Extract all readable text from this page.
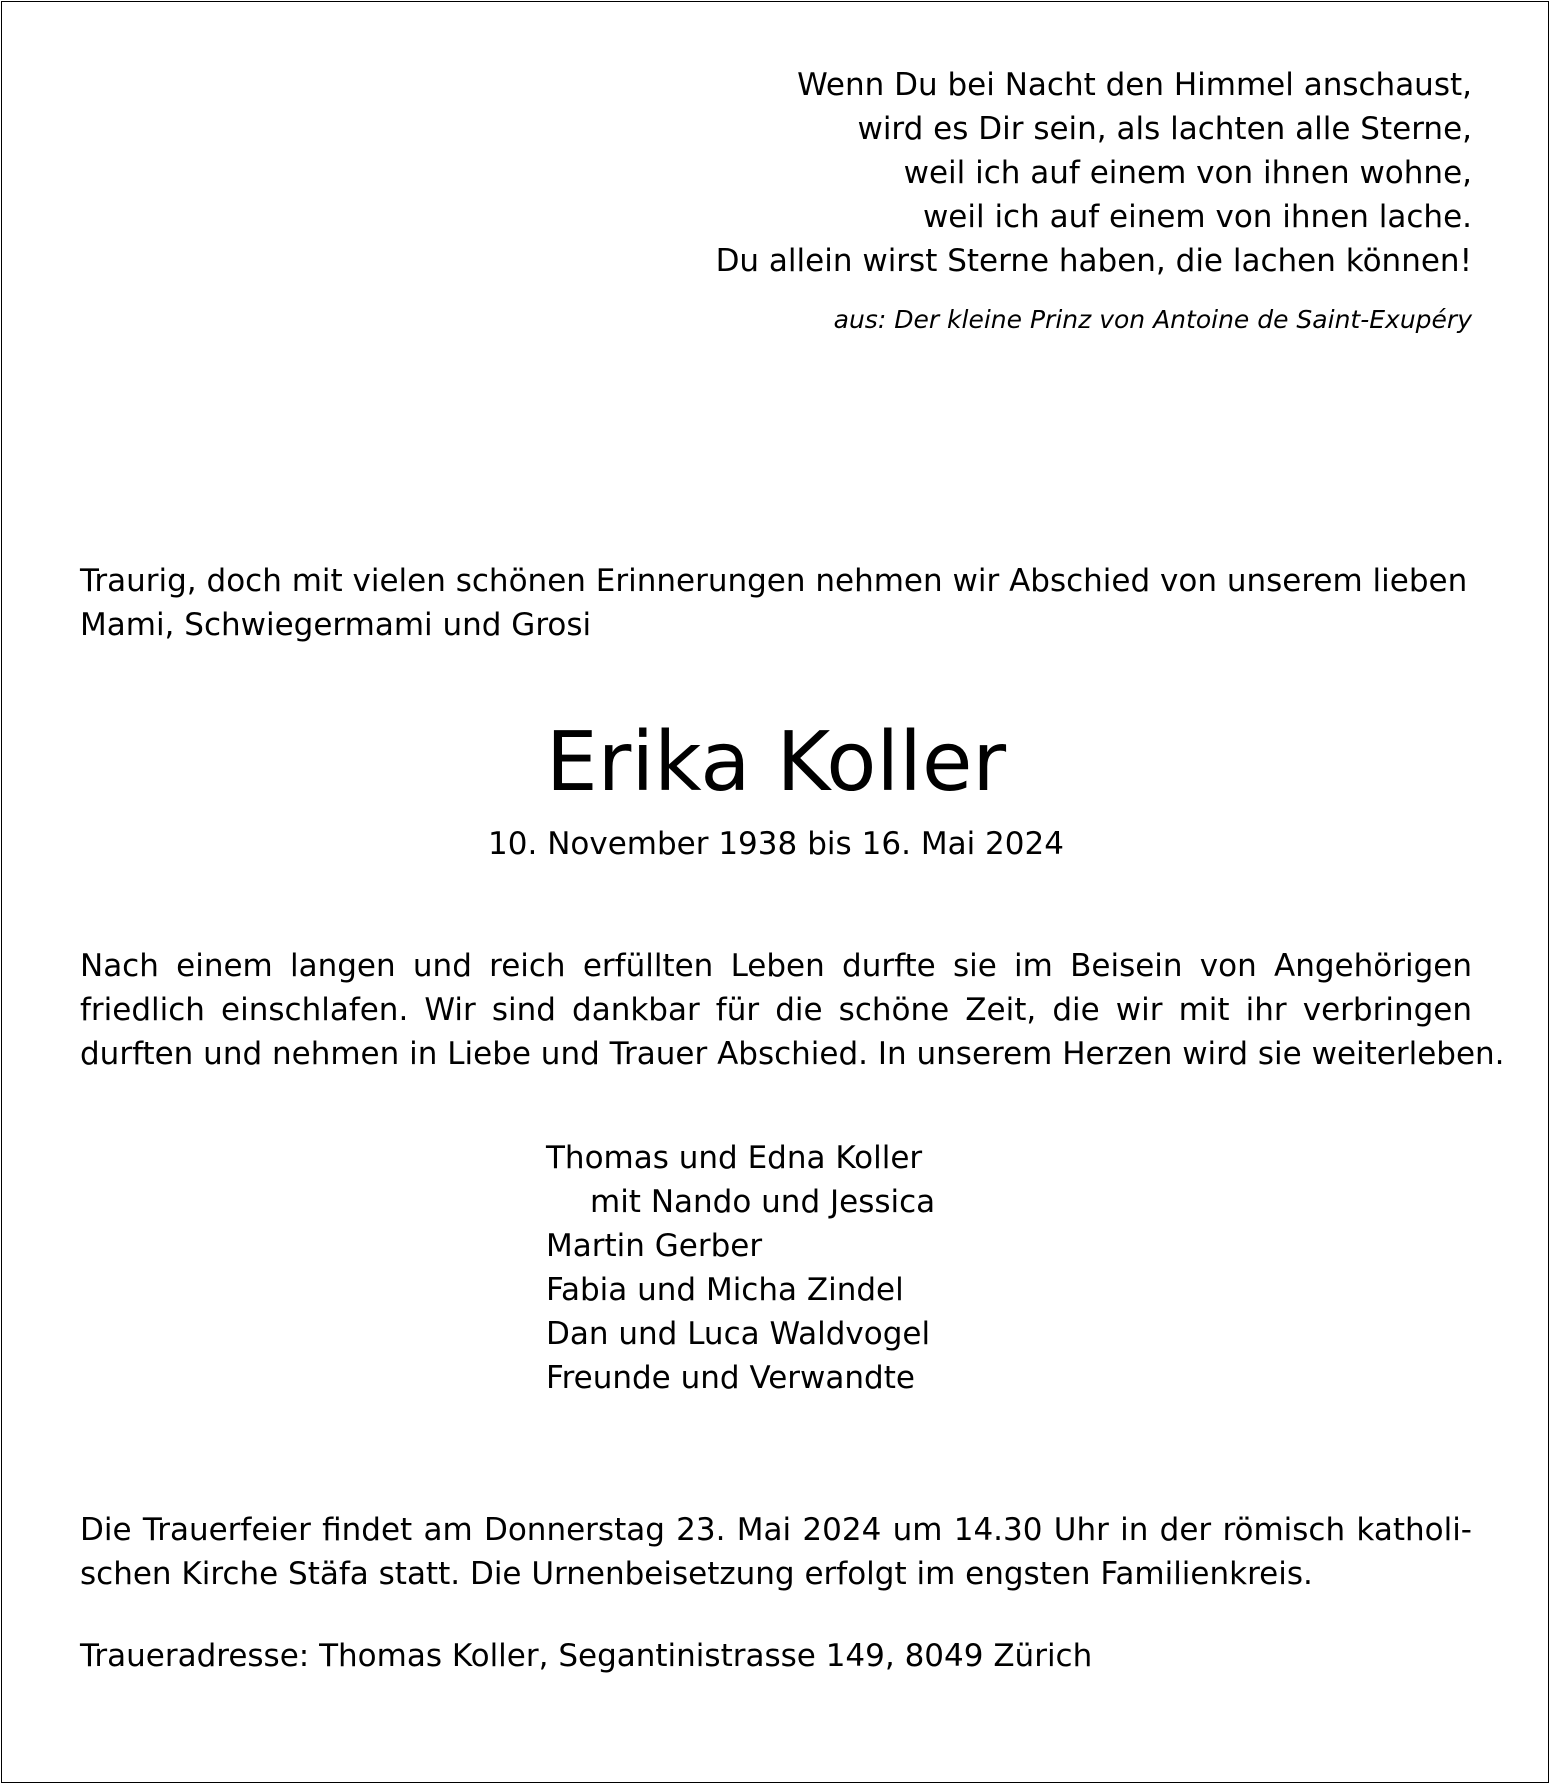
Wenn Du bei Nacht den Himmel anschaust,
wird es Dir sein, als lachten alle Sterne,
weil ich auf einem von ihnen wohne,
weil ich auf einem von ihnen lache.
Du allein wirst Sterne haben, die lachen können!
aus: Der kleine Prinz von Antoine de Saint-Exupéry
Traurig, doch mit vielen schönen Erinnerungen nehmen wir Abschied von unserem lieben
Mami, Schwiegermami und Grosi
Erika Koller
10. November 1938 bis 16. Mai 2024
Nach einem langen und reich erfüllten Leben durfte sie im Beisein von Angehörigen
friedlich einschlafen. Wir sind dankbar für die schöne Zeit, die wir mit ihr verbringen
durften und nehmen in Liebe und Trauer Abschied. In unserem Herzen wird sie weiterleben.
Thomas und Edna Koller
mit Nando und Jessica
Martin Gerber
Fabia und Micha Zindel
Dan und Luca Waldvogel
Freunde und Verwandte
Die Trauerfeier findet am Donnerstag 23. Mai 2024 um 14.30 Uhr in der römisch katholi-
schen Kirche Stäfa statt. Die Urnenbeisetzung erfolgt im engsten Familienkreis.
Traueradresse: Thomas Koller, Segantinistrasse 149, 8049 Zürich
